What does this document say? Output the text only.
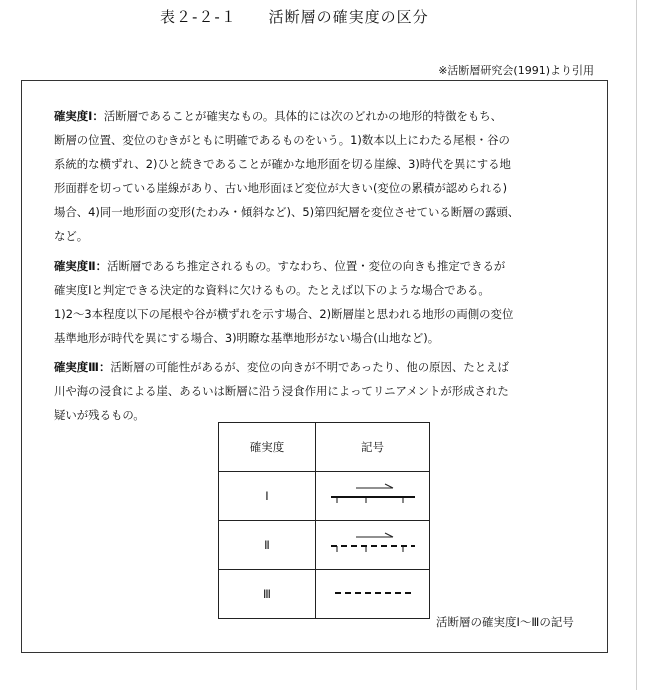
表２-２-１ 活断層の確実度の区分
※活断層研究会(1991)より引用

確実度Ⅰ：活断層であることが確実なもの。具体的には次のどれかの地形的特徴をもち、
断層の位置、変位のむきがともに明確であるものをいう。1)数本以上にわたる尾根・谷の
系統的な横ずれ、2)ひと続きであることが確かな地形面を切る崖線、3)時代を異にする地
形面群を切っている崖線があり、古い地形面ほど変位が大きい(変位の累積が認められる)
場合、4)同一地形面の変形(たわみ・傾斜など)、5)第四紀層を変位させている断層の露頭、
など。

確実度Ⅱ：活断層であるち推定されるもの。すなわち、位置・変位の向きも推定できるが
確実度Ⅰと判定できる決定的な資料に欠けるもの。たとえば以下のような場合である。
1)2～3本程度以下の尾根や谷が横ずれを示す場合、2)断層崖と思われる地形の両側の変位
基準地形が時代を異にする場合、3)明瞭な基準地形がない場合(山地など)。

確実度Ⅲ：活断層の可能性があるが、変位の向きが不明であったり、他の原因、たとえば
川や海の浸食による崖、あるいは断層に沿う浸食作用によってリニアメントが形成された
疑いが残るもの。

確実度	記号
Ⅰ	

Ⅱ	

Ⅲ	
活断層の確実度Ⅰ～Ⅲの記号
